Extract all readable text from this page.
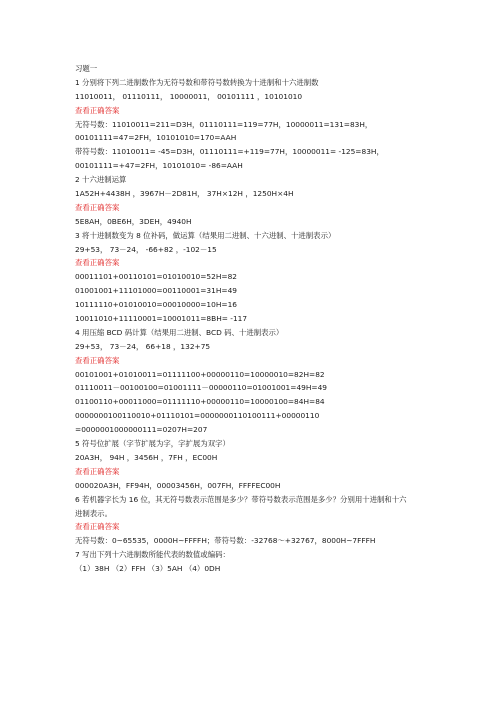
习题一
1 分别将下列二进制数作为无符号数和带符号数转换为十进制和十六进制数
11010011， 01110111， 10000011， 00101111 ，10101010
查看正确答案
无符号数：11010011=211=D3H，01110111=119=77H，10000011=131=83H，
00101111=47=2FH，10101010=170=AAH
带符号数：11010011= -45=D3H，01110111=+119=77H，10000011= -125=83H，
00101111=+47=2FH，10101010= -86=AAH
2 十六进制运算
1A52H+4438H ，3967H－2D81H， 37H×12H ，1250H×4H
查看正确答案
5E8AH，0BE6H，3DEH，4940H
3 将十进制数变为 8 位补码，做运算（结果用二进制、十六进制、十进制表示）
29+53， 73－24， -66+82 ，-102－15
查看正确答案
00011101+00110101=01010010=52H=82
01001001+11101000=00110001=31H=49
10111110+01010010=00010000=10H=16
10011010+11110001=10001011=8BH= -117
4 用压缩 BCD 码计算（结果用二进制、BCD 码、十进制表示）
29+53， 73－24， 66+18 ，132+75
查看正确答案
00101001+01010011=01111100+00000110=10000010=82H=82
01110011－00100100=01001111－00000110=01001001=49H=49
01100110+00011000=01111110+00000110=10000100=84H=84
0000000100110010+01110101=0000000110100111+00000110
=0000001000000111=0207H=207
5 符号位扩展（字节扩展为字，字扩展为双字）
20A3H， 94H ，3456H ，7FH ，EC00H
查看正确答案
000020A3H，FF94H，00003456H，007FH，FFFFEC00H
6 若机器字长为 16 位，其无符号数表示范围是多少？带符号数表示范围是多少？分别用十进制和十六
进制表示。
查看正确答案
无符号数：0~65535，0000H~FFFFH；带符号数：-32768～+32767，8000H~7FFFH
7 写出下列十六进制数所能代表的数值或编码：
（1）38H （2）FFH （3）5AH （4）0DH
